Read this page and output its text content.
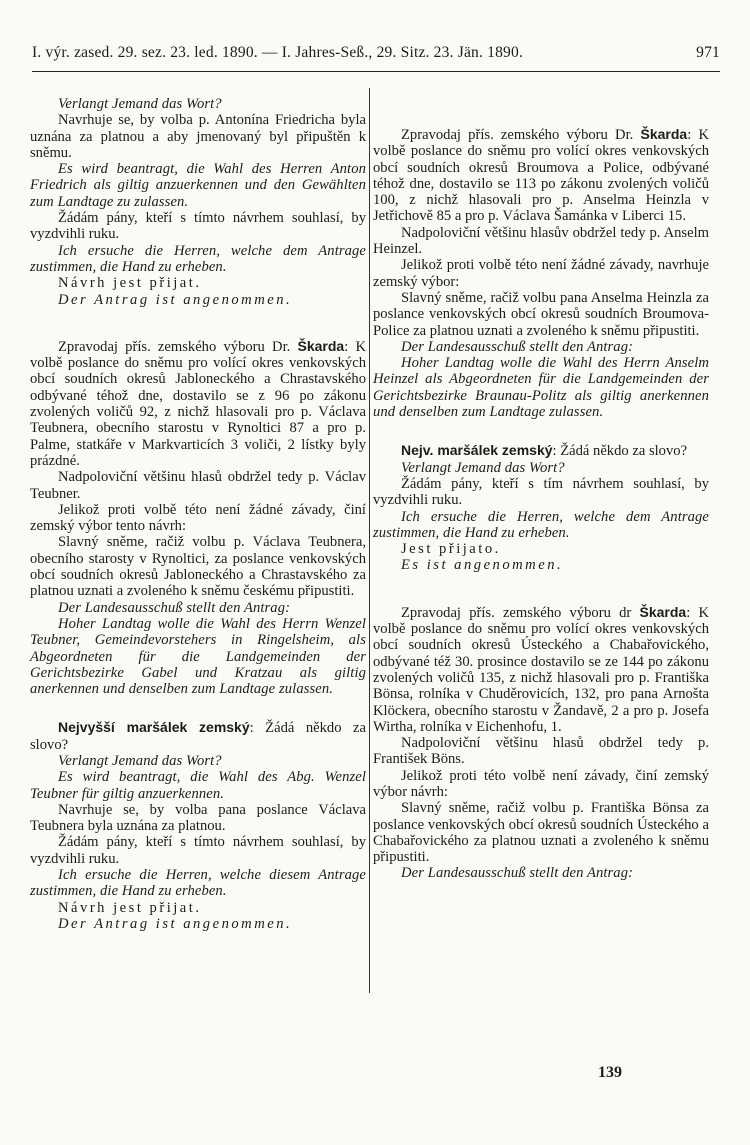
I. výr. zased. 29. sez. 23. led. 1890. — I. Jahres-Seß., 29. Sitz. 23. Jän. 1890.	971

Verlangt Jemand das Wort?

Navrhuje se, by volba p. Antonína Friedricha byla uznána za platnou a aby jmenovaný byl připuštěn k sněmu.

Es wird beantragt, die Wahl des Herren Anton Friedrich als giltig anzuerkennen und den Gewählten zum Landtage zu zulassen.

Žádám pány, kteří s tímto návrhem souhlasí, by vyzdvihli ruku.

Ich ersuche die Herren, welche dem Antrage zustimmen, die Hand zu erheben.

Návrh jest přijat.

Der Antrag ist angenommen.

Zpravodaj přís. zemského výboru Dr. Škarda: K volbě poslance do sněmu pro volící okres venkovských obcí soudních okresů Jabloneckého a Chrastavského odbývané téhož dne, dostavilo se z 96 po zákonu zvolených voličů 92, z nichž hlasovali pro p. Václava Teubnera, obecního starostu v Rynoltici 87 a pro p. Palme, statkáře v Markvarticích 3 voliči, 2 lístky byly prázdné.

Nadpoloviční většinu hlasů obdržel tedy p. Václav Teubner.

Jelikož proti volbě této není žádné závady, činí zemský výbor tento návrh:

Slavný sněme, račiž volbu p. Václava Teubnera, obecního starosty v Rynoltici, za poslance venkovských obcí soudních okresů Jabloneckého a Chrastavského za platnou uznati a zvoleného k sněmu českému připustiti.

Der Landesausschuß stellt den Antrag:

Hoher Landtag wolle die Wahl des Herrn Wenzel Teubner, Gemeindevorstehers in Ringelsheim, als Abgeordneten für die Landgemeinden der Gerichtsbezirke Gabel und Kratzau als giltig anerkennen und denselben zum Landtage zulassen.

Nejvyšší maršálek zemský: Žádá někdo za slovo?

Verlangt Jemand das Wort?

Es wird beantragt, die Wahl des Abg. Wenzel Teubner für giltig anzuerkennen.

Navrhuje se, by volba pana poslance Václava Teubnera byla uznána za platnou.

Žádám pány, kteří s tímto návrhem souhlasí, by vyzdvihli ruku.

Ich ersuche die Herren, welche diesem Antrage zustimmen, die Hand zu erheben.

Návrh jest přijat.

Der Antrag ist angenommen.

Zpravodaj přís. zemského výboru Dr. Škarda: K volbě poslance do sněmu pro volící okres venkovských obcí soudních okresů Broumova a Police, odbývané téhož dne, dostavilo se 113 po zákonu zvolených voličů 100, z nichž hlasovali pro p. Anselma Heinzla v Jetřichově 85 a pro p. Václava Šamánka v Liberci 15.

Nadpoloviční většinu hlasův obdržel tedy p. Anselm Heinzel.

Jelikož proti volbě této není žádné závady, navrhuje zemský výbor:

Slavný sněme, račiž volbu pana Anselma Heinzla za poslance venkovských obcí okresů soudních Broumova-Police za platnou uznati a zvoleného k sněmu připustiti.

Der Landesausschuß stellt den Antrag:

Hoher Landtag wolle die Wahl des Herrn Anselm Heinzel als Abgeordneten für die Landgemeinden der Gerichtsbezirke Braunau-Politz als giltig anerkennen und denselben zum Landtage zulassen.

Nejv. maršálek zemský: Žádá někdo za slovo?

Verlangt Jemand das Wort?

Žádám pány, kteří s tím návrhem souhlasí, by vyzdvihli ruku.

Ich ersuche die Herren, welche dem Antrage zustimmen, die Hand zu erheben.

Jest přijato.

Es ist angenommen.

Zpravodaj přís. zemského výboru dr Škarda: K volbě poslance do sněmu pro volící okres venkovských obcí soudních okresů Ústeckého a Chabařovického, odbývané též 30. prosince dostavilo se ze 144 po zákonu zvolených voličů 135, z nichž hlasovali pro p. Františka Bönsa, rolníka v Chuděrovicích, 132, pro pana Arnošta Klöckera, obecního starostu v Žandavě, 2 a pro p. Josefa Wirtha, rolníka v Eichenhofu, 1.

Nadpoloviční většinu hlasů obdržel tedy p. František Böns.

Jelikož proti této volbě není závady, činí zemský výbor návrh:

Slavný sněme, račiž volbu p. Františka Bönsa za poslance venkovských obcí okresů soudních Ústeckého a Chabařovického za platnou uznati a zvoleného k sněmu připustiti.

Der Landesausschuß stellt den Antrag:

139
